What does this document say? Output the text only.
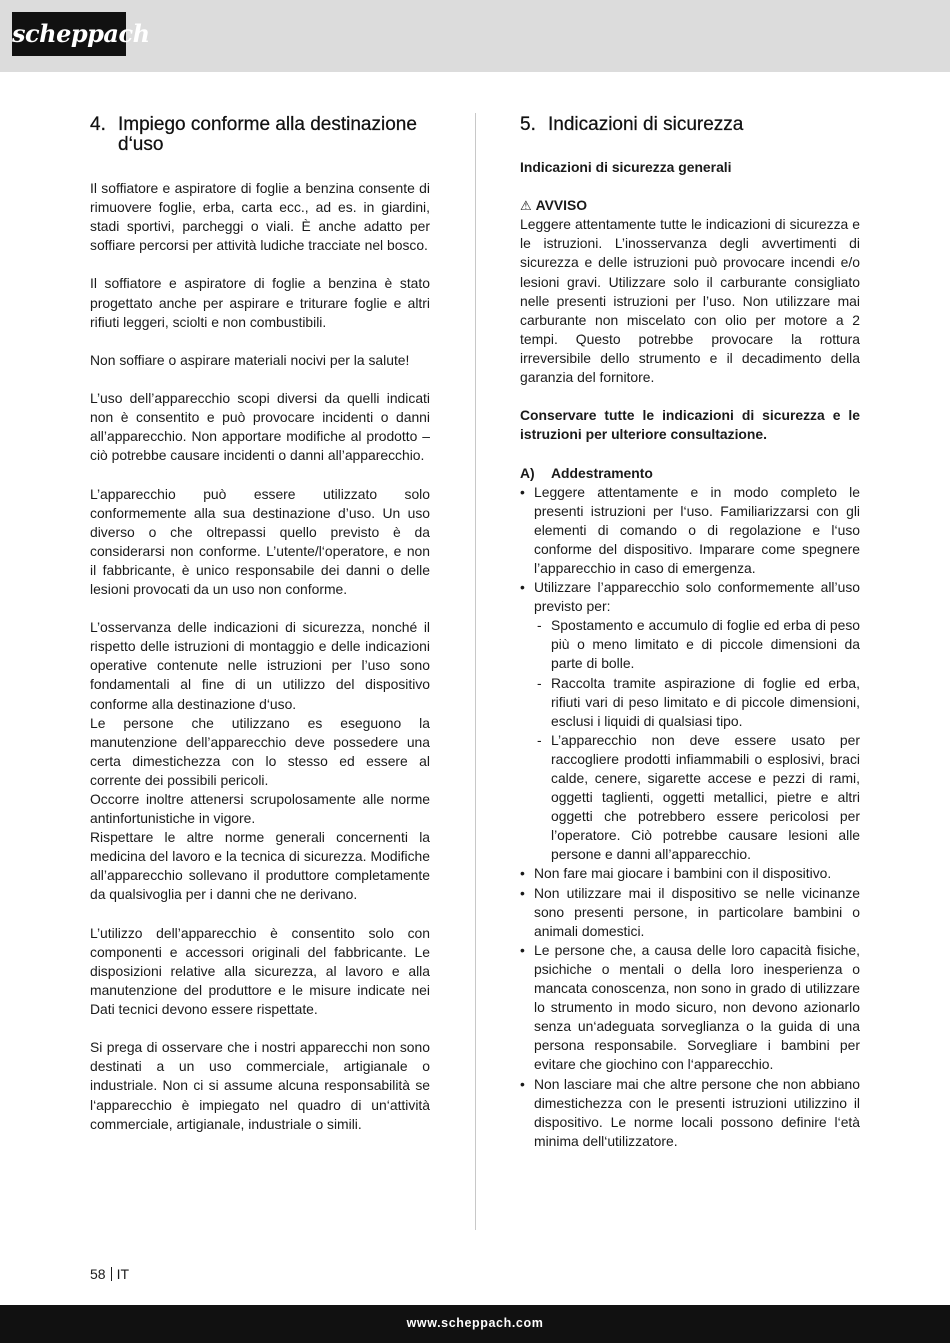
scheppach
4. Impiego conforme alla destinazione d‘uso

Il soffiatore e aspiratore di foglie a benzina consente di rimuovere foglie, erba, carta ecc., ad es. in giardini, stadi sportivi, parcheggi o viali. È anche adatto per soffiare percorsi per attività ludiche tracciate nel bosco.

Il soffiatore e aspiratore di foglie a benzina è stato progettato anche per aspirare e triturare foglie e altri rifiuti leggeri, sciolti e non combustibili.

Non soffiare o aspirare materiali nocivi per la salute!

L’uso dell’apparecchio scopi diversi da quelli indicati non è consentito e può provocare incidenti o danni all’apparecchio. Non apportare modifiche al prodotto – ciò potrebbe causare incidenti o danni all’apparecchio.

L’apparecchio può essere utilizzato solo conformemente alla sua destinazione d’uso. Un uso diverso o che oltrepassi quello previsto è da considerarsi non conforme. L’utente/l‘operatore, e non il fabbricante, è unico responsabile dei danni o delle lesioni provocati da un uso non conforme.

L’osservanza delle indicazioni di sicurezza, nonché il rispetto delle istruzioni di montaggio e delle indicazioni operative contenute nelle istruzioni per l’uso sono fondamentali al fine di un utilizzo del dispositivo conforme alla destinazione d‘uso.

Le persone che utilizzano es eseguono la manutenzione dell’apparecchio deve possedere una certa dimestichezza con lo stesso ed essere al corrente dei possibili pericoli.

Occorre inoltre attenersi scrupolosamente alle norme antinfortunistiche in vigore.

Rispettare le altre norme generali concernenti la medicina del lavoro e la tecnica di sicurezza. Modifiche all’apparecchio sollevano il produttore completamente da qualsivoglia per i danni che ne derivano.

L’utilizzo dell’apparecchio è consentito solo con componenti e accessori originali del fabbricante. Le disposizioni relative alla sicurezza, al lavoro e alla manutenzione del produttore e le misure indicate nei Dati tecnici devono essere rispettate.

Si prega di osservare che i nostri apparecchi non sono destinati a un uso commerciale, artigianale o industriale. Non ci si assume alcuna responsabilità se l‘apparecchio è impiegato nel quadro di un‘attività commerciale, artigianale, industriale o simili.

5. Indicazioni di sicurezza

Indicazioni di sicurezza generali

⚠ AVVISO

Leggere attentamente tutte le indicazioni di sicurezza e le istruzioni. L’inosservanza degli avvertimenti di sicurezza e delle istruzioni può provocare incendi e/o lesioni gravi. Utilizzare solo il carburante consigliato nelle presenti istruzioni per l’uso. Non utilizzare mai carburante non miscelato con olio per motore a 2 tempi. Questo potrebbe provocare la rottura irreversibile dello strumento e il decadimento della garanzia del fornitore.

Conservare tutte le indicazioni di sicurezza e le istruzioni per ulteriore consultazione.

A)	Addestramento
• Leggere attentamente e in modo completo le presenti istruzioni per l‘uso. Familiarizzarsi con gli elementi di comando o di regolazione e l‘uso conforme del dispositivo. Imparare come spegnere l’apparecchio in caso di emergenza.
• Utilizzare l’apparecchio solo conformemente all’uso previsto per:
- Spostamento e accumulo di foglie ed erba di peso più o meno limitato e di piccole dimensioni da parte di bolle.
- Raccolta tramite aspirazione di foglie ed erba, rifiuti vari di peso limitato e di piccole dimensioni, esclusi i liquidi di qualsiasi tipo.
- L’apparecchio non deve essere usato per raccogliere prodotti infiammabili o esplosivi, braci calde, cenere, sigarette accese e pezzi di rami, oggetti taglienti, oggetti metallici, pietre e altri oggetti che potrebbero essere pericolosi per l’operatore. Ciò potrebbe causare lesioni alle persone e danni all’apparecchio.
• Non fare mai giocare i bambini con il dispositivo.
• Non utilizzare mai il dispositivo se nelle vicinanze sono presenti persone, in particolare bambini o animali domestici.
• Le persone che, a causa delle loro capacità fisiche, psichiche o mentali o della loro inesperienza o mancata conoscenza, non sono in grado di utilizzare lo strumento in modo sicuro, non devono azionarlo senza un‘adeguata sorveglianza o la guida di una persona responsabile. Sorvegliare i bambini per evitare che giochino con l‘apparecchio.
• Non lasciare mai che altre persone che non abbiano dimestichezza con le presenti istruzioni utilizzino il dispositivo. Le norme locali possono definire l‘età minima dell‘utilizzatore.
58 IT
www.scheppach.com
